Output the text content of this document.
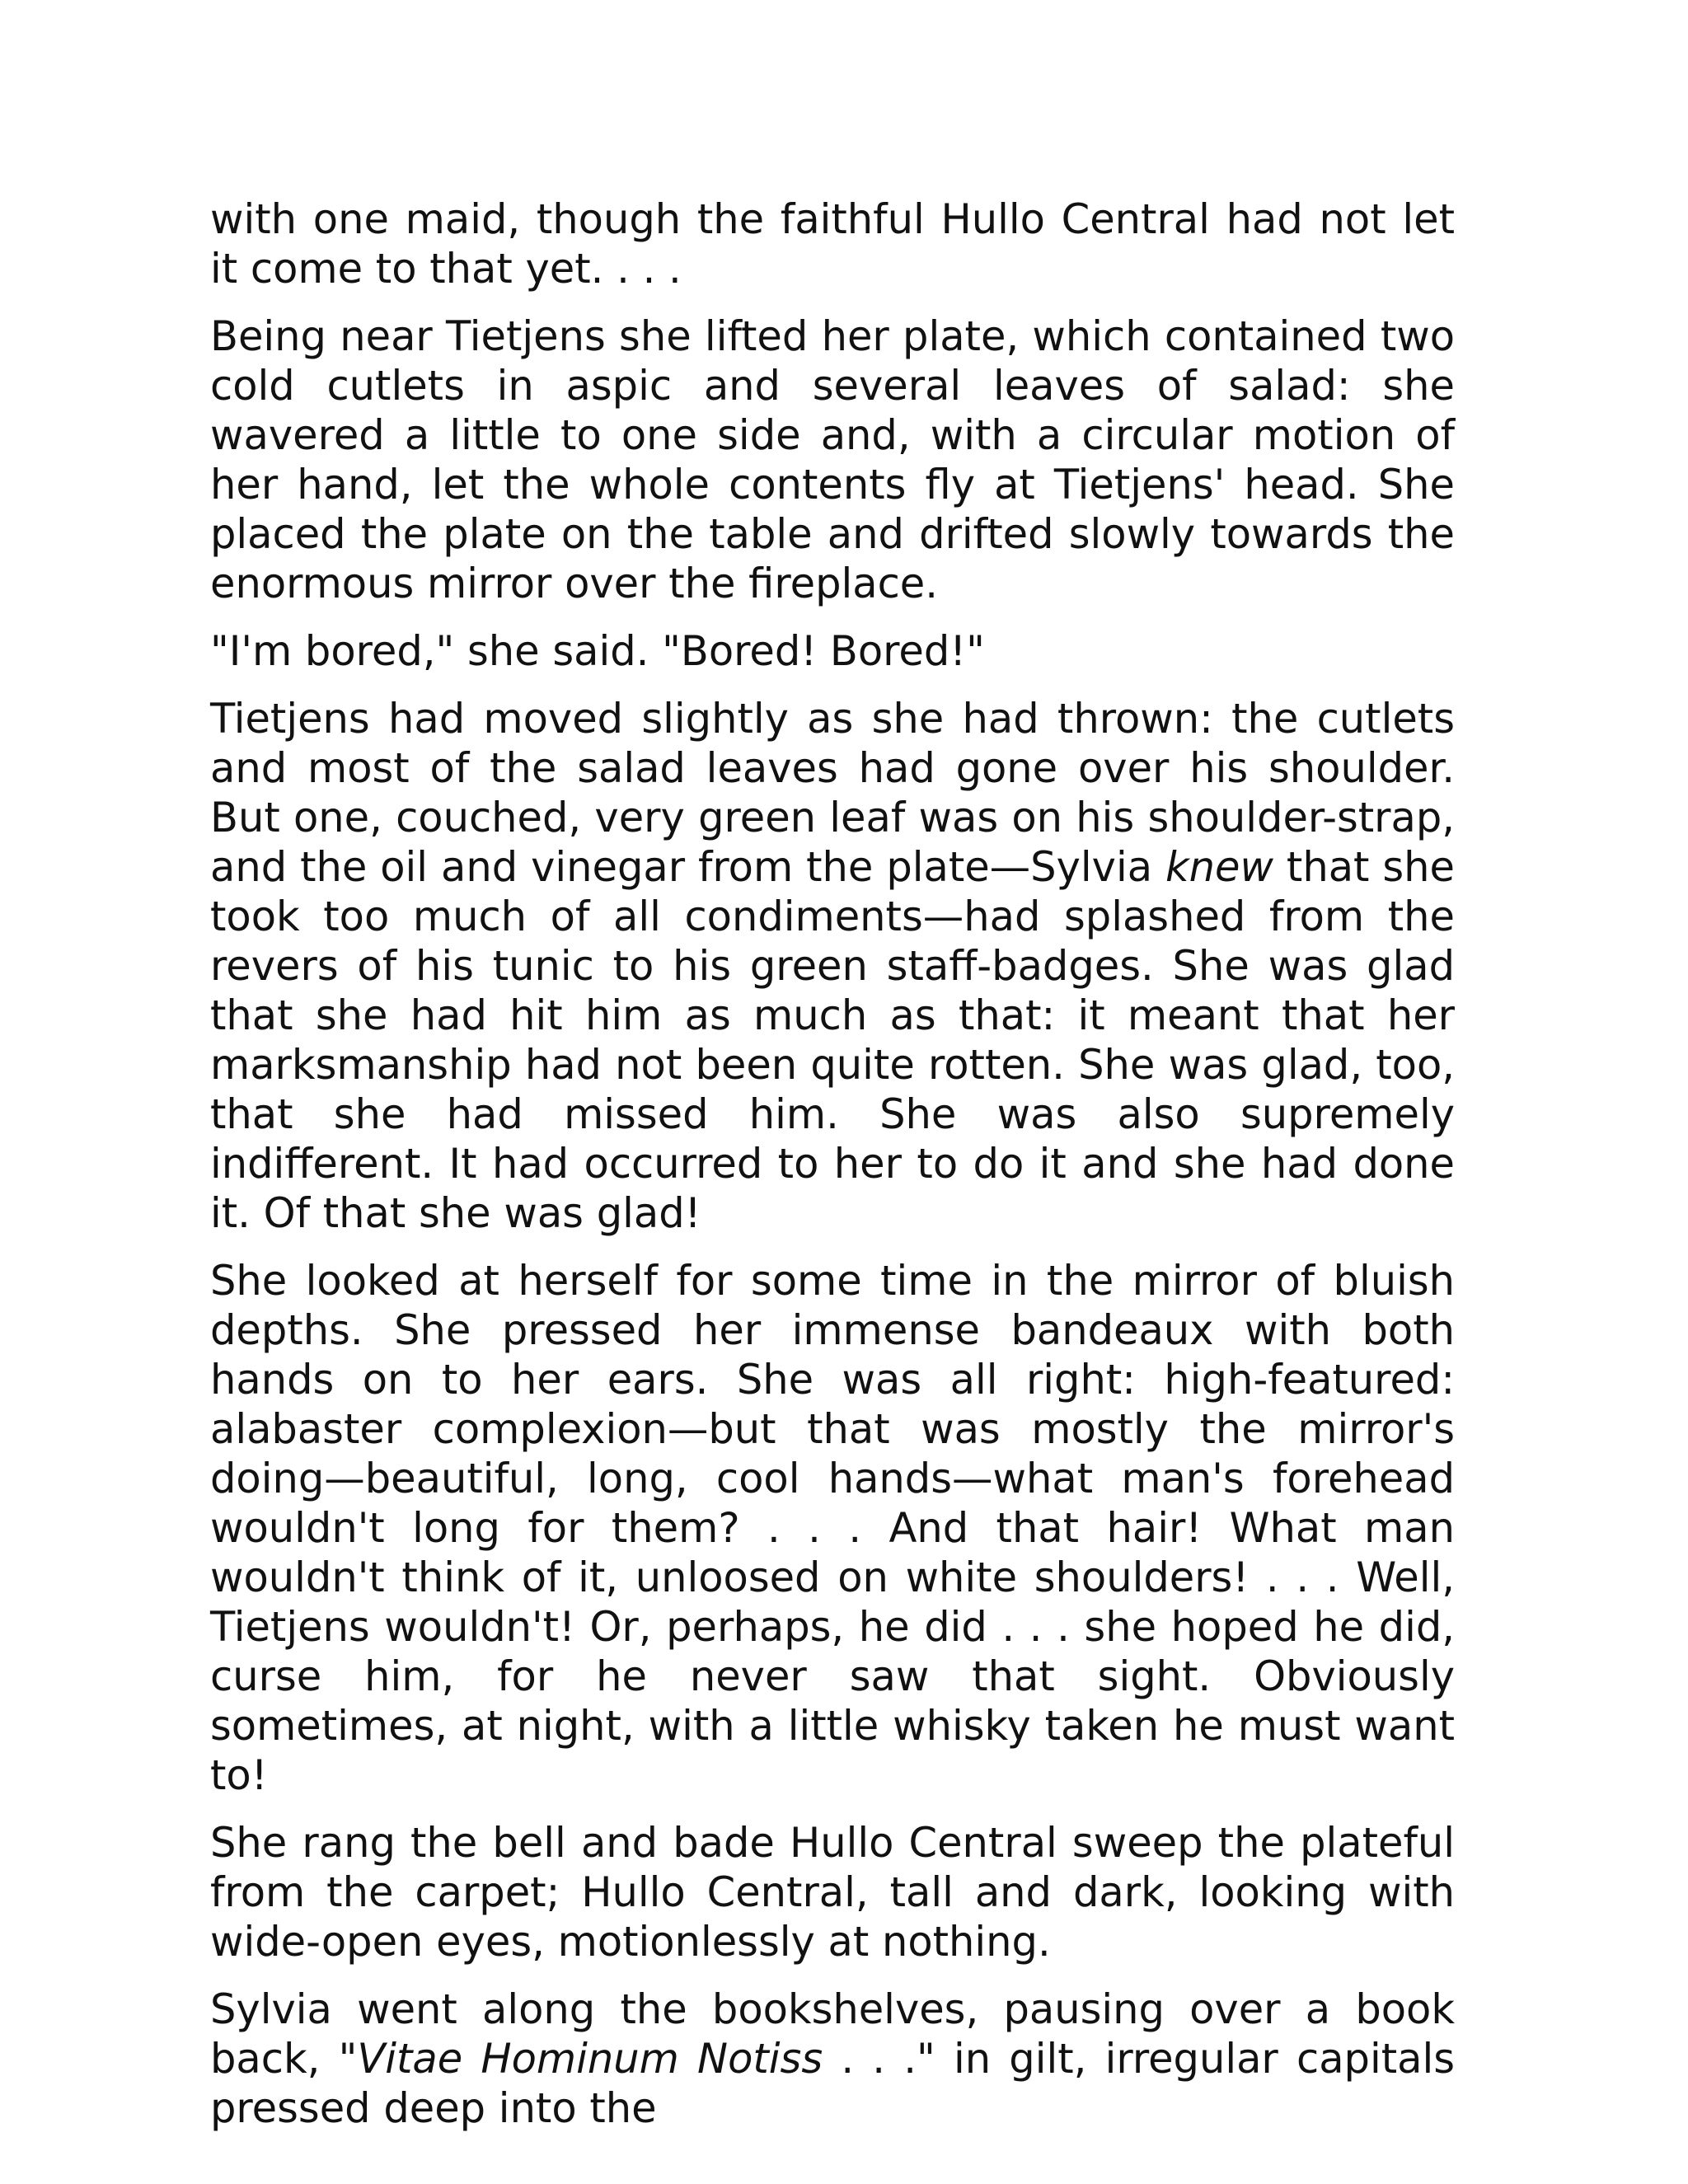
with one maid, though the faithful Hullo Central had not let it come to that yet. . . .

Being near Tietjens she lifted her plate, which contained two cold cutlets in aspic and several leaves of salad: she wavered a little to one side and, with a circular motion of her hand, let the whole contents fly at Tietjens' head. She placed the plate on the table and drifted slowly towards the enormous mirror over the fireplace.

"I'm bored," she said. "Bored! Bored!"

Tietjens had moved slightly as she had thrown: the cutlets and most of the salad leaves had gone over his shoulder. But one, couched, very green leaf was on his shoulder-strap, and the oil and vinegar from the plate—Sylvia knew that she took too much of all condiments—had splashed from the revers of his tunic to his green staff-badges. She was glad that she had hit him as much as that: it meant that her marksmanship had not been quite rotten. She was glad, too, that she had missed him. She was also supremely indifferent. It had occurred to her to do it and she had done it. Of that she was glad!

She looked at herself for some time in the mirror of bluish depths. She pressed her immense bandeaux with both hands on to her ears. She was all right: high-featured: alabaster complexion—but that was mostly the mirror's doing—beautiful, long, cool hands—what man's forehead wouldn't long for them? . . . And that hair! What man wouldn't think of it, unloosed on white shoulders! . . . Well, Tietjens wouldn't! Or, perhaps, he did . . . she hoped he did, curse him, for he never saw that sight. Obviously sometimes, at night, with a little whisky taken he must want to!

She rang the bell and bade Hullo Central sweep the plateful from the carpet; Hullo Central, tall and dark, looking with wide-open eyes, motionlessly at nothing.

Sylvia went along the bookshelves, pausing over a book back, "Vitae Hominum Notiss . . ." in gilt, irregular capitals pressed deep into the
